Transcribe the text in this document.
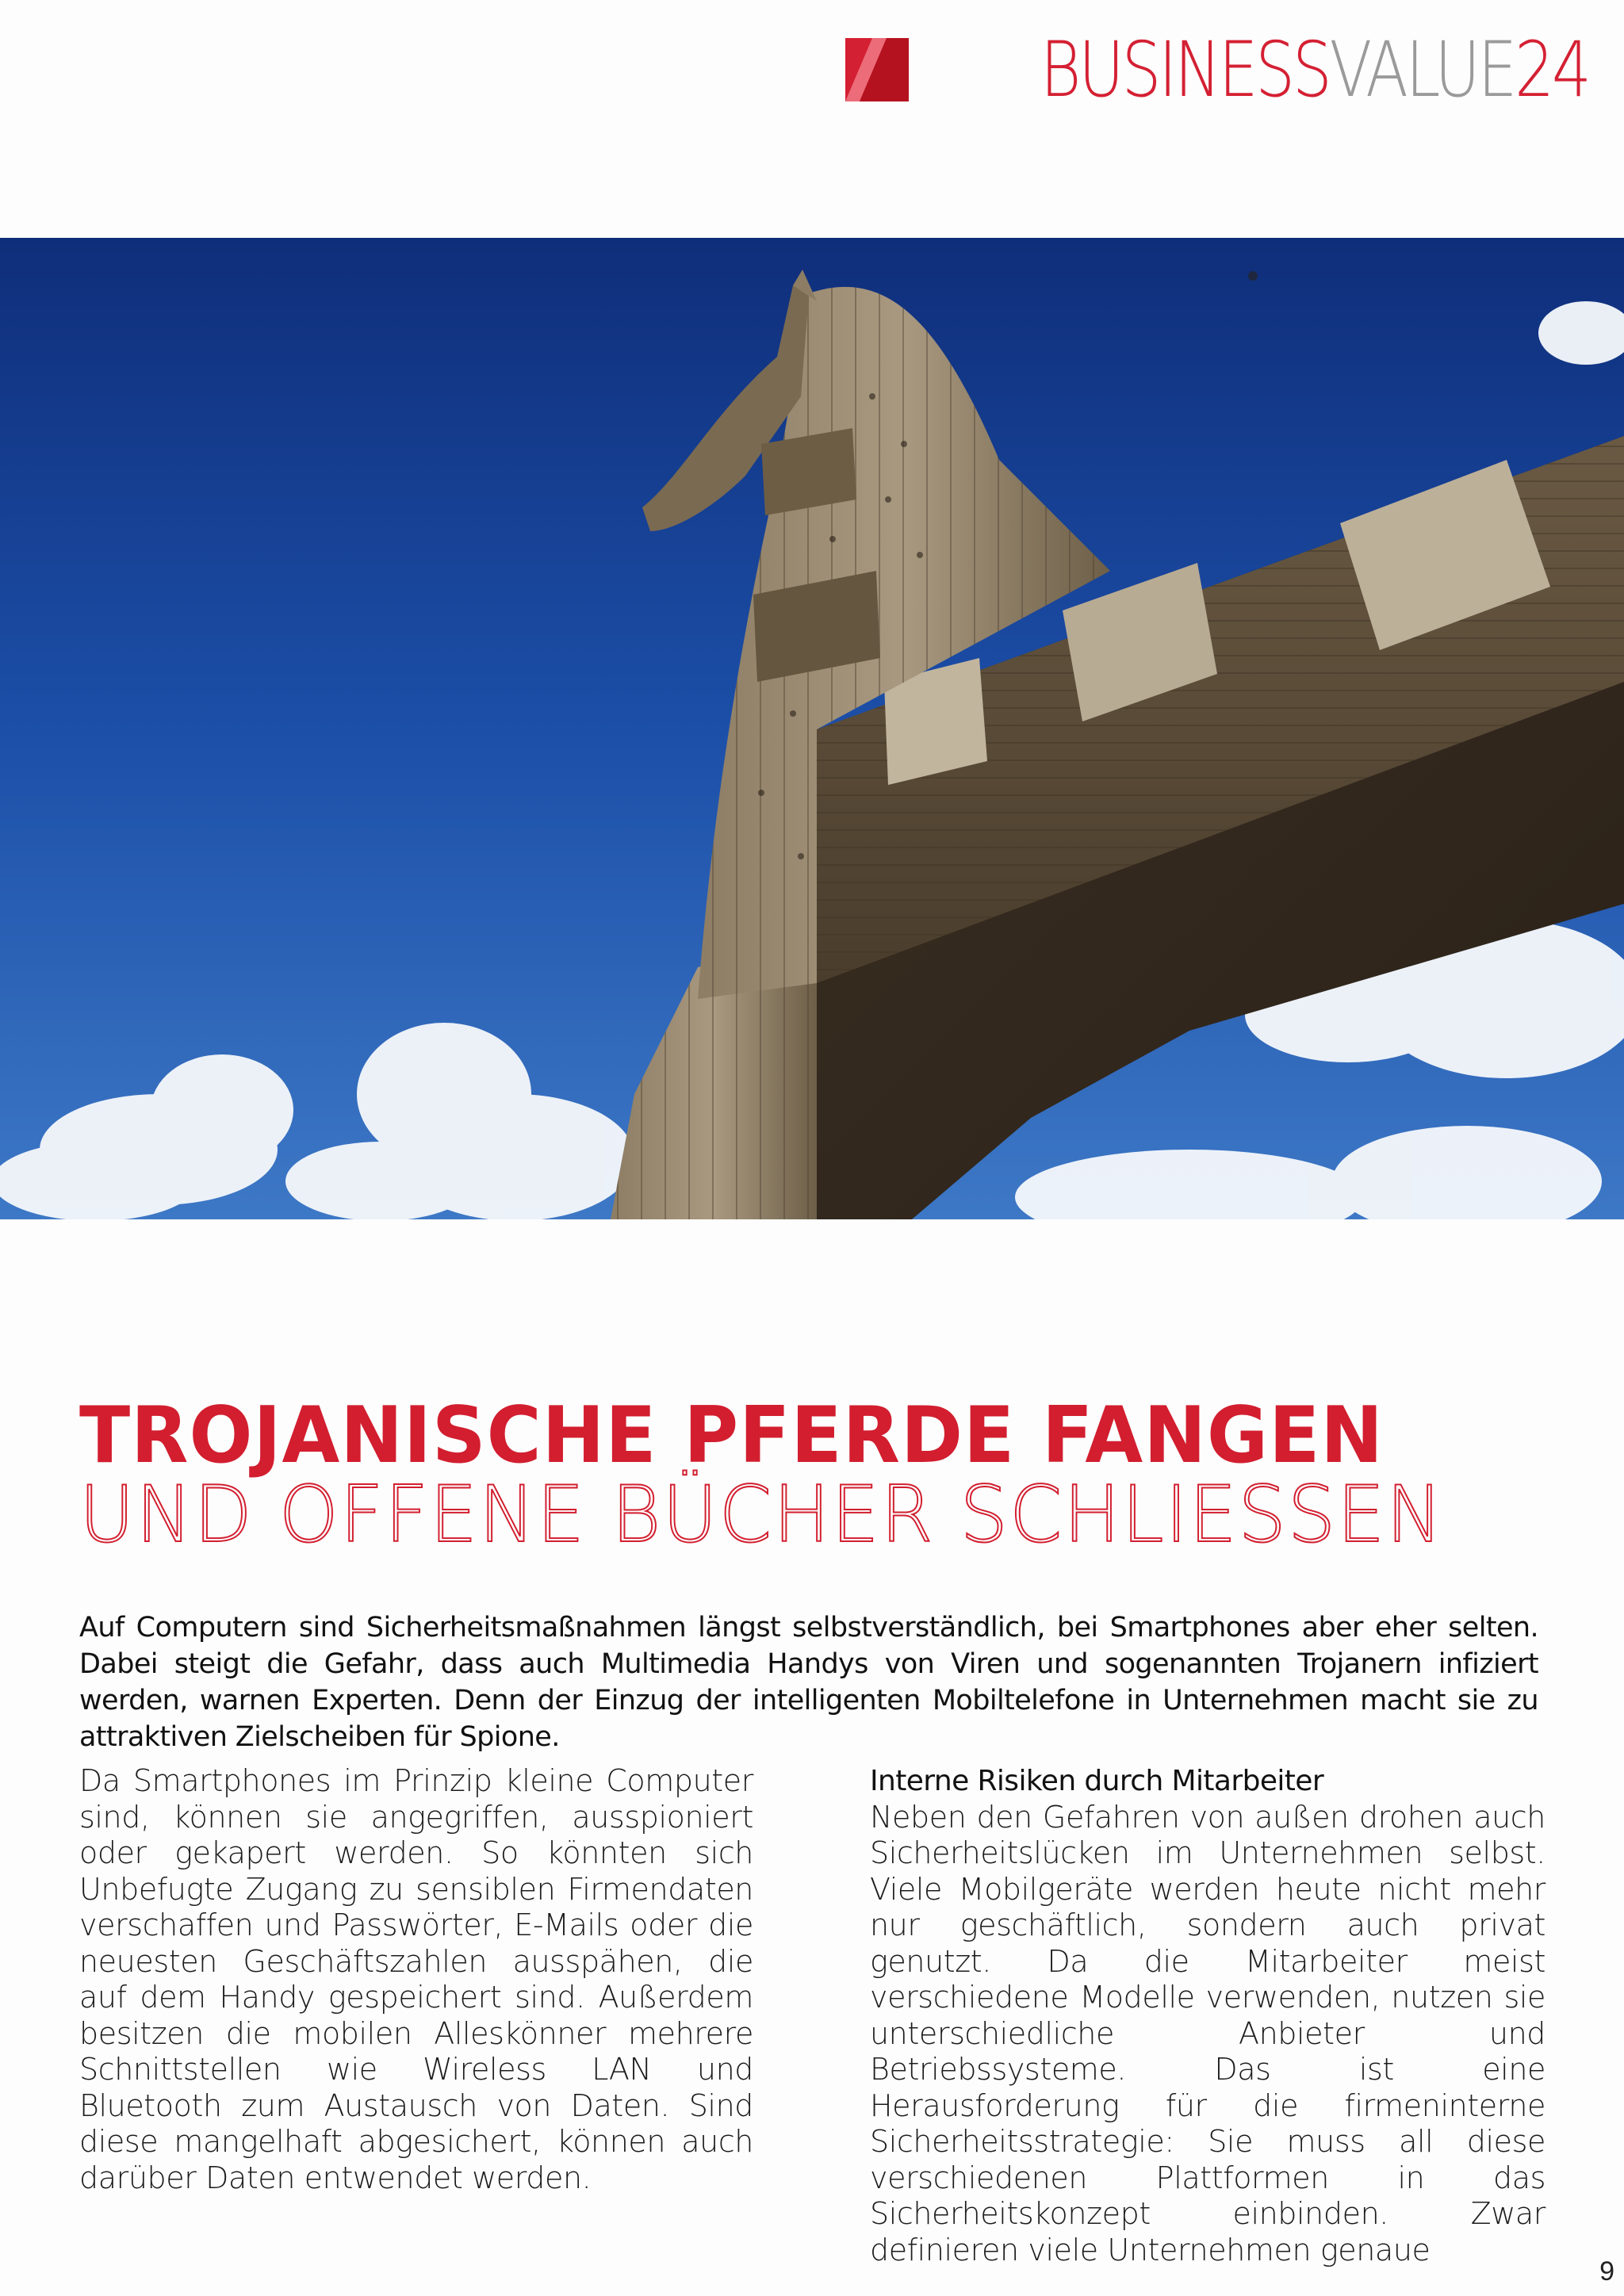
BUSINESSVALUE24
TROJANISCHE PFERDE FANGEN
UND OFFENE BÜCHER SCHLIESSEN
Auf Computern sind Sicherheitsmaßnahmen längst selbstverständlich, bei Smartphones aber eher selten. Dabei steigt die Gefahr, dass auch Multimedia Handys von Viren und sogenannten Trojanern infiziert werden, warnen Experten. Denn der Einzug der intelligenten Mobiltelefone in Unternehmen macht sie zu attraktiven Zielscheiben für Spione.
Da Smartphones im Prinzip kleine Computer sind, können sie angegriffen, ausspioniert oder gekapert werden. So könnten sich Unbefugte Zugang zu sensiblen Firmendaten verschaffen und Passwörter, E-Mails oder die neuesten Geschäftszahlen ausspähen, die auf dem Handy gespeichert sind. Außerdem besitzen die mobilen Alleskönner mehrere Schnittstellen wie Wireless LAN und Bluetooth zum Austausch von Daten. Sind diese mangelhaft abgesichert, können auch darüber Daten entwendet werden.
Interne Risiken durch Mitarbeiter
Neben den Gefahren von außen drohen auch Sicherheitslücken im Unternehmen selbst. Viele Mobilgeräte werden heute nicht mehr nur geschäftlich, sondern auch privat genutzt. Da die Mitarbeiter meist verschiedene Modelle verwenden, nutzen sie unterschiedliche Anbieter und Betriebssysteme. Das ist eine Herausforderung für die firmeninterne Sicherheitsstrategie: Sie muss all diese verschiedenen Plattformen in das Sicherheitskonzept einbinden. Zwar definieren viele Unternehmen genaue
9
